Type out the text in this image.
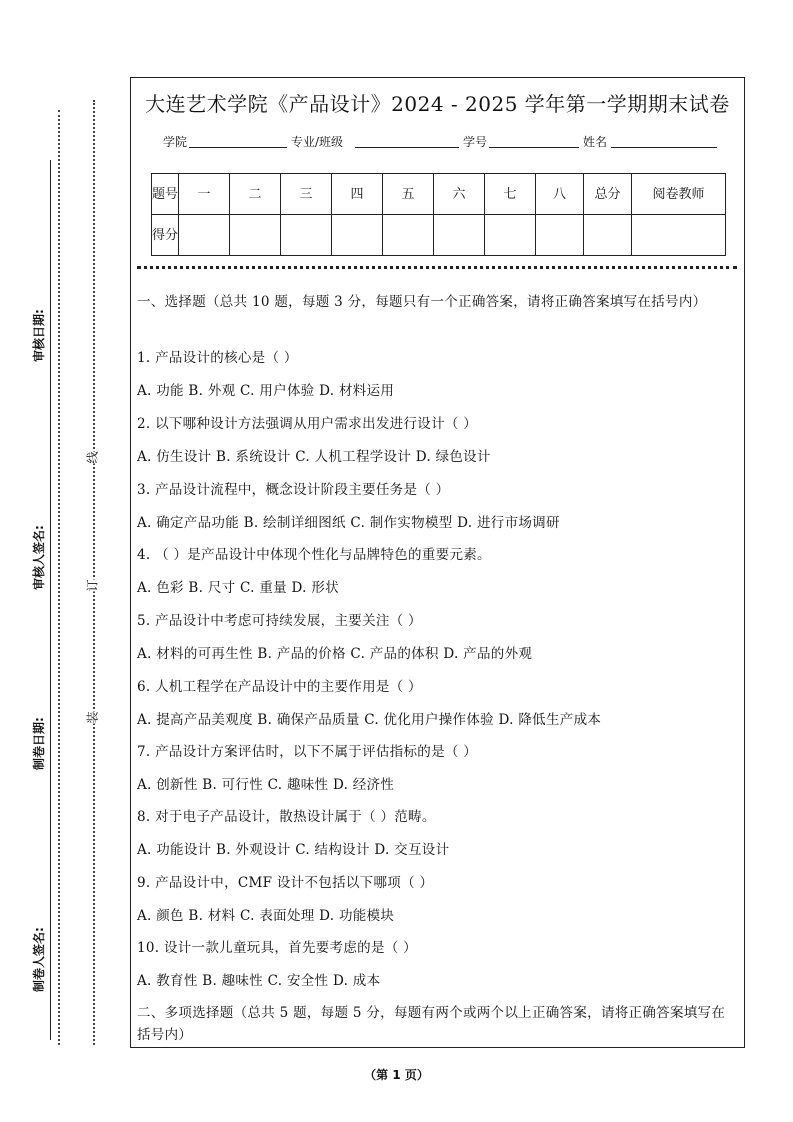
审核日期:
审核人签名:
制卷日期:
制卷人签名:
线
订
装
大连艺术学院《产品设计》2024 - 2025 学年第一学期期末试卷
学院	专业/班级	学号	姓名
题号	一	二	三	四	五	六	七	八	总分	阅卷教师
得分										
一、选择题（总共 10 题，每题 3 分，每题只有一个正确答案，请将正确答案填写在括号内）
1. 产品设计的核心是（ ）
A. 功能 B. 外观 C. 用户体验 D. 材料运用
2. 以下哪种设计方法强调从用户需求出发进行设计（ ）
A. 仿生设计 B. 系统设计 C. 人机工程学设计 D. 绿色设计
3. 产品设计流程中，概念设计阶段主要任务是（ ）
A. 确定产品功能 B. 绘制详细图纸 C. 制作实物模型 D. 进行市场调研
4. （ ）是产品设计中体现个性化与品牌特色的重要元素。
A. 色彩 B. 尺寸 C. 重量 D. 形状
5. 产品设计中考虑可持续发展，主要关注（ ）
A. 材料的可再生性 B. 产品的价格 C. 产品的体积 D. 产品的外观
6. 人机工程学在产品设计中的主要作用是（ ）
A. 提高产品美观度 B. 确保产品质量 C. 优化用户操作体验 D. 降低生产成本
7. 产品设计方案评估时，以下不属于评估指标的是（ ）
A. 创新性 B. 可行性 C. 趣味性 D. 经济性
8. 对于电子产品设计，散热设计属于（ ）范畴。
A. 功能设计 B. 外观设计 C. 结构设计 D. 交互设计
9. 产品设计中，CMF 设计不包括以下哪项（ ）
A. 颜色 B. 材料 C. 表面处理 D. 功能模块
10. 设计一款儿童玩具，首先要考虑的是（ ）
A. 教育性 B. 趣味性 C. 安全性 D. 成本
二、多项选择题（总共 5 题，每题 5 分，每题有两个或两个以上正确答案，请将正确答案填写在括号内）
（第 1 页）
